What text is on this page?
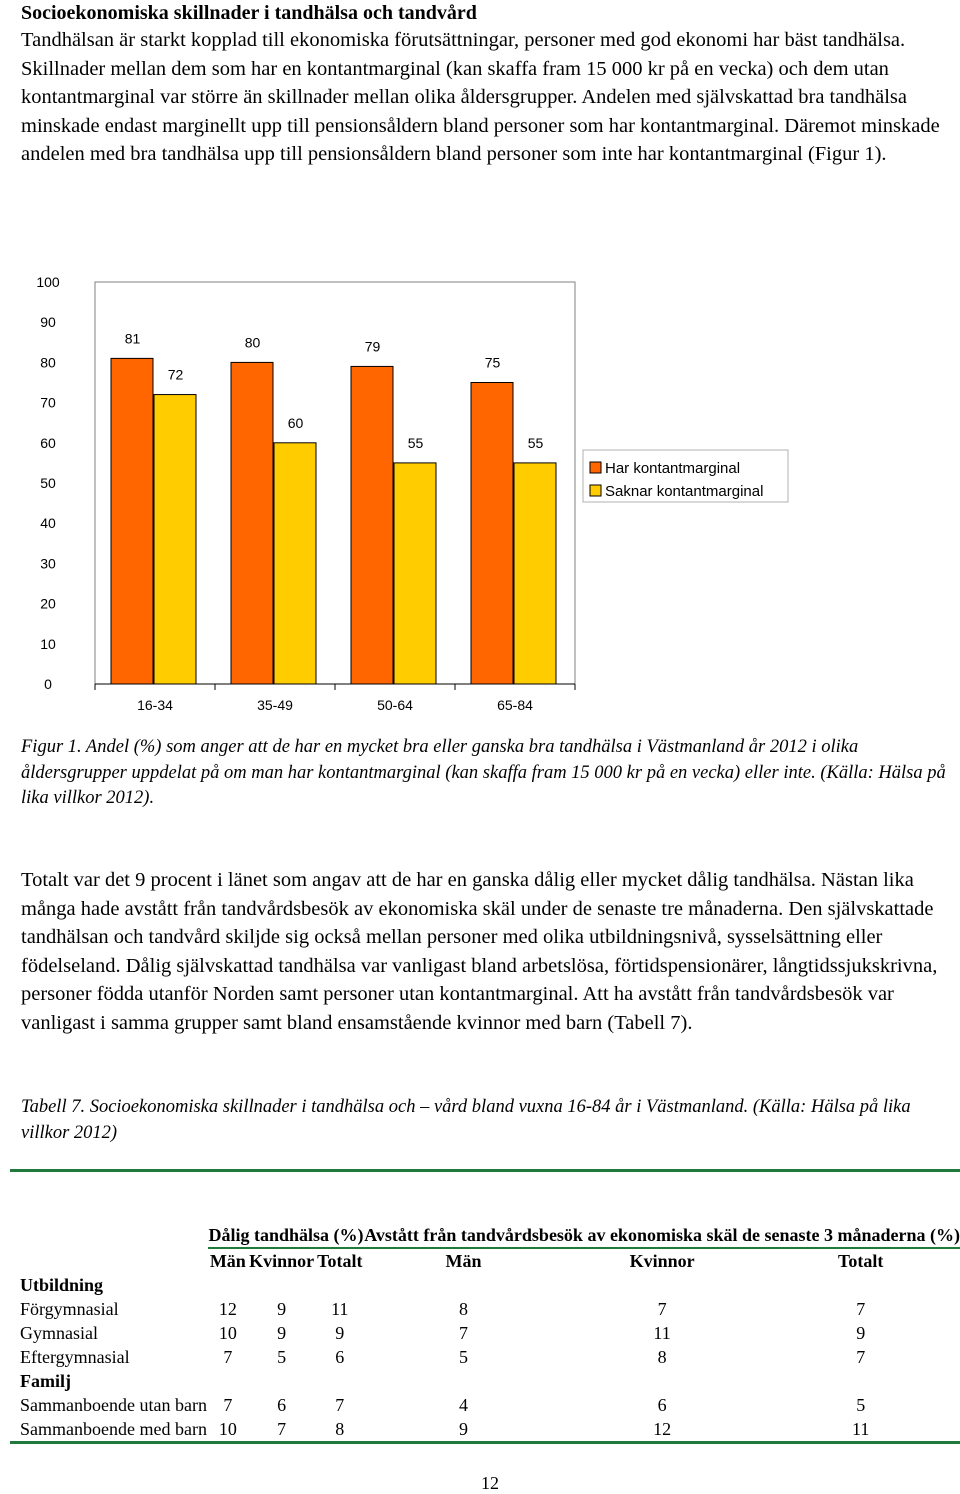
Socioekonomiska skillnader i tandhälsa och tandvård
Tandhälsan är starkt kopplad till ekonomiska förutsättningar, personer med god ekonomi har bäst tandhälsa. Skillnader mellan dem som har en kontantmarginal (kan skaffa fram 15 000 kr på en vecka) och dem utan kontantmarginal var större än skillnader mellan olika åldersgrupper. Andelen med självskattad bra tandhälsa minskade endast marginellt upp till pensionsåldern bland personer som har kontantmarginal. Däremot minskade andelen med bra tandhälsa upp till pensionsåldern bland personer som inte har kontantmarginal (Figur 1).
0
10
20
30
40
50
60
70
80
90
100
16-34
81
72
35-49
80
60
50-64
79
55
65-84
75
55
Har kontantmarginal
Saknar kontantmarginal
Figur 1. Andel (%) som anger att de har en mycket bra eller ganska bra tandhälsa i Västmanland år 2012 i olika åldersgrupper uppdelat på om man har kontantmarginal (kan skaffa fram 15 000 kr på en vecka) eller inte. (Källa: Hälsa på lika villkor 2012).
Totalt var det 9 procent i länet som angav att de har en ganska dålig eller mycket dålig tandhälsa. Nästan lika många hade avstått från tandvårdsbesök av ekonomiska skäl under de senaste tre månaderna. Den självskattade tandhälsan och tandvård skiljde sig också mellan personer med olika utbildningsnivå, sysselsättning eller födelseland. Dålig självskattad tandhälsa var vanligast bland arbetslösa, förtidspensionärer, långtidssjukskrivna, personer födda utanför Norden samt personer utan kontantmarginal. Att ha avstått från tandvårdsbesök var vanligast i samma grupper samt bland ensamstående kvinnor med barn (Tabell 7).
Tabell 7. Socioekonomiska skillnader i tandhälsa och – vård bland vuxna 16-84 år i Västmanland. (Källa: Hälsa på lika villkor 2012)

	Dålig tandhälsa (%)			Avstått från tandvårdsbesök av ekonomiska skäl de senaste 3 månaderna (%)		
	Män	Kvinnor	Totalt	Män	Kvinnor	Totalt
Utbildning						
Förgymnasial	12	9	11	8	7	7
Gymnasial	10	9	9	7	11	9
Eftergymnasial	7	5	6	5	8	7
Familj						
Sammanboende utan barn	7	6	7	4	6	5
Sammanboende med barn	10	7	8	9	12	11
12
